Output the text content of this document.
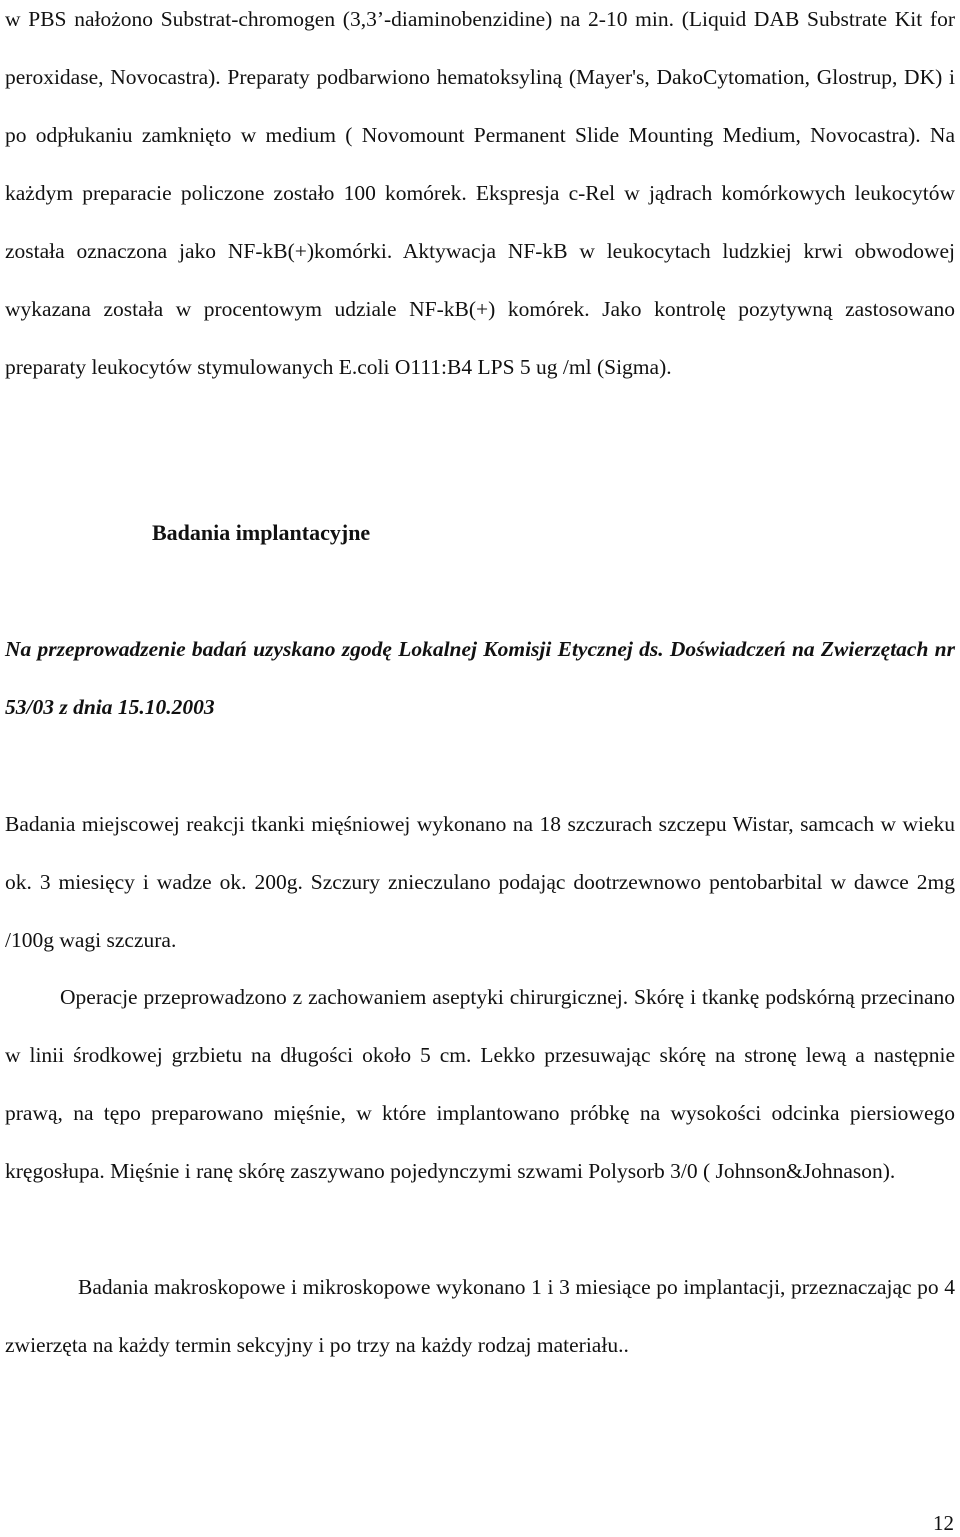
w PBS nałożono Substrat-chromogen (3,3’-diaminobenzidine) na 2-10 min. (Liquid DAB Substrate Kit for peroxidase, Novocastra). Preparaty podbarwiono hematoksyliną (Mayer's, DakoCytomation, Glostrup, DK) i po odpłukaniu zamknięto w medium ( Novomount Permanent Slide Mounting Medium, Novocastra). Na każdym preparacie policzone zostało 100 komórek. Ekspresja c-Rel w jądrach komórkowych leukocytów została oznaczona jako NF-kB(+)komórki. Aktywacja NF-kB w leukocytach ludzkiej krwi obwodowej wykazana została w procentowym udziale NF-kB(+) komórek. Jako kontrolę pozytywną zastosowano preparaty leukocytów stymulowanych E.coli O111:B4 LPS 5 ug /ml (Sigma).

Badania implantacyjne

Na przeprowadzenie badań uzyskano zgodę Lokalnej Komisji Etycznej ds. Doświadczeń na Zwierzętach nr 53/03 z dnia 15.10.2003

Badania miejscowej reakcji tkanki mięśniowej wykonano na 18 szczurach szczepu Wistar, samcach w wieku ok. 3 miesięcy i wadze ok. 200g. Szczury znieczulano podając dootrzewnowo pentobarbital w dawce 2mg /100g wagi szczura.

Operacje przeprowadzono z zachowaniem aseptyki chirurgicznej. Skórę i tkankę podskórną przecinano w linii środkowej grzbietu na długości około 5 cm. Lekko przesuwając skórę na stronę lewą a następnie prawą, na tępo preparowano mięśnie, w które implantowano próbkę na wysokości odcinka piersiowego kręgosłupa. Mięśnie i ranę skórę zaszywano pojedynczymi szwami Polysorb 3/0 ( Johnson&Johnason).

Badania makroskopowe i mikroskopowe wykonano 1 i 3 miesiące po implantacji, przeznaczając po 4 zwierzęta na każdy termin sekcyjny i po trzy na każdy rodzaj materiału..

12
